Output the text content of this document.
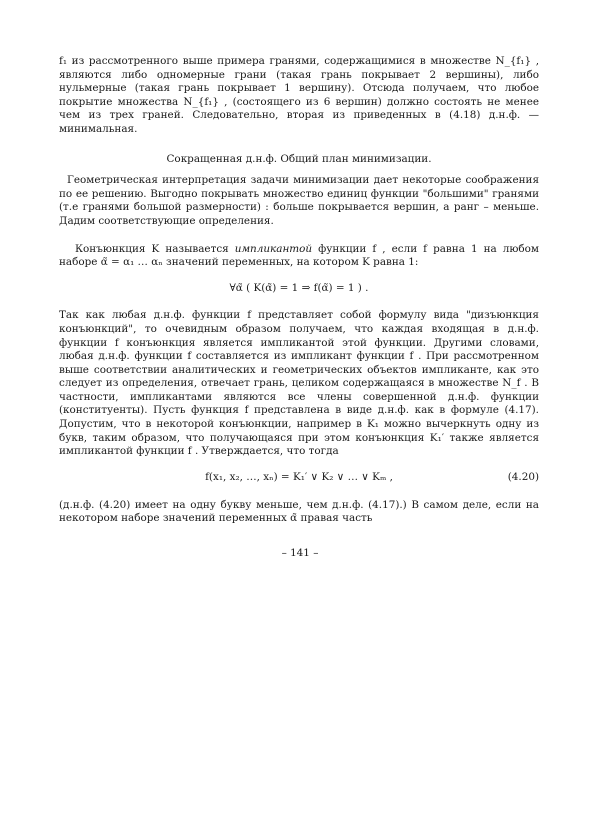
f₁ из рассмотренного выше примера гранями, содержащимися в множестве N_{f₁} , являются либо одномерные грани (такая грань покрывает 2 вершины), либо нульмерные (такая грань покрывает 1 вершину). Отсюда получаем, что любое покрытие множества N_{f₁} , (состоящего из 6 вершин) должно состоять не менее чем из трех граней. Следовательно, вторая из приведенных в (4.18) д.н.ф. — минимальная.

Сокращенная д.н.ф. Общий план минимизации.

Геометрическая интерпретация задачи минимизации дает некоторые соображения по ее решению. Выгодно покрывать множество единиц функции "большими" гранями (т.е гранями большой размерности) : больше покрывается вершин, а ранг – меньше. Дадим соответствующие определения.

Конъюнкция K называется импликантой функции f , если f равна 1 на любом наборе α̃ = α₁ … αₙ значений переменных, на котором K равна 1:

∀α̃ ( K(α̃) = 1 ⇒ f(α̃) = 1 ) .

Так как любая д.н.ф. функции f представляет собой формулу вида "дизъюнкция конъюнкций", то очевидным образом получаем, что каждая входящая в д.н.ф. функции f конъюнкция является импликантой этой функции. Другими словами, любая д.н.ф. функции f составляется из импликант функции f . При рассмотренном выше соответствии аналитических и геометрических объектов импликанте, как это следует из определения, отвечает грань, целиком содержащаяся в множестве N_f . В частности, импликантами являются все члены совершенной д.н.ф. функции (конституенты). Пусть функция f представлена в виде д.н.ф. как в формуле (4.17). Допустим, что в некоторой конъюнкции, например в K₁ можно вычеркнуть одну из букв, таким образом, что получающаяся при этом конъюнкция K₁′ также является импликантой функции f . Утверждается, что тогда

f(x₁, x₂, …, xₙ) = K₁′ ∨ K₂ ∨ … ∨ Kₘ ,	(4.20)

(д.н.ф. (4.20) имеет на одну букву меньше, чем д.н.ф. (4.17).) В самом деле, если на некотором наборе значений переменных α̃ правая часть

– 141 –
